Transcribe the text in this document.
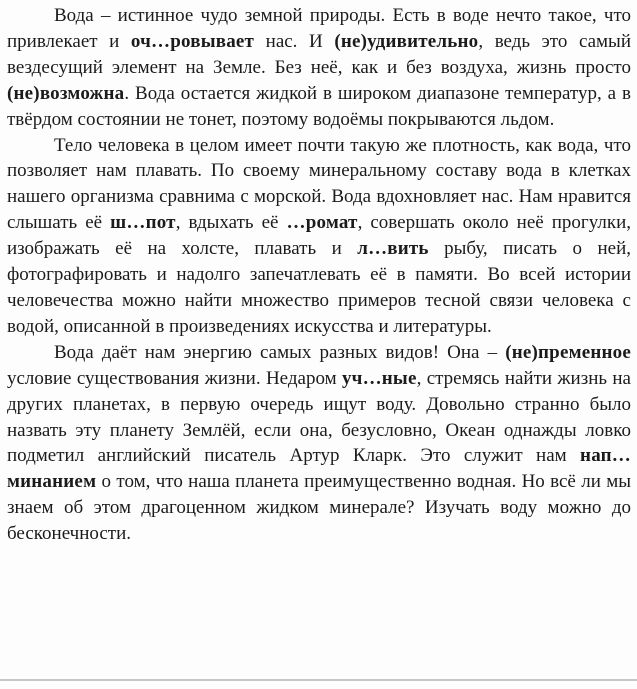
Вода – истинное чудо земной природы. Есть в воде нечто такое, что привлекает и оч…ровывает нас. И (не)удивительно, ведь это самый вездесущий элемент на Земле. Без неё, как и без воздуха, жизнь просто (не)возможна. Вода остается жидкой в широком диапазоне температур, а в твёрдом состоянии не тонет, поэтому водоёмы покрываются льдом.

Тело человека в целом имеет почти такую же плотность, как вода, что позволяет нам плавать. По своему минеральному составу вода в клетках нашего организма сравнима с морской. Вода вдохновляет нас. Нам нравится слышать её ш…пот, вдыхать её …ромат, совершать около неё прогулки, изображать её на холсте, плавать и л…вить рыбу, писать о ней, фотографировать и надолго запечатлевать её в памяти. Во всей истории человечества можно найти множество примеров тесной связи человека с водой, описанной в произведениях искусства и литературы.

Вода даёт нам энергию самых разных видов! Она – (не)пременное условие существования жизни. Недаром уч…ные, стремясь найти жизнь на других планетах, в первую очередь ищут воду. Довольно странно было назвать эту планету Землёй, если она, безусловно, Океан однажды ловко подметил английский писатель Артур Кларк. Это служит нам нап…минанием о том, что наша планета преимущественно водная. Но всё ли мы знаем об этом драгоценном жидком минерале? Изучать воду можно до бесконечности.
